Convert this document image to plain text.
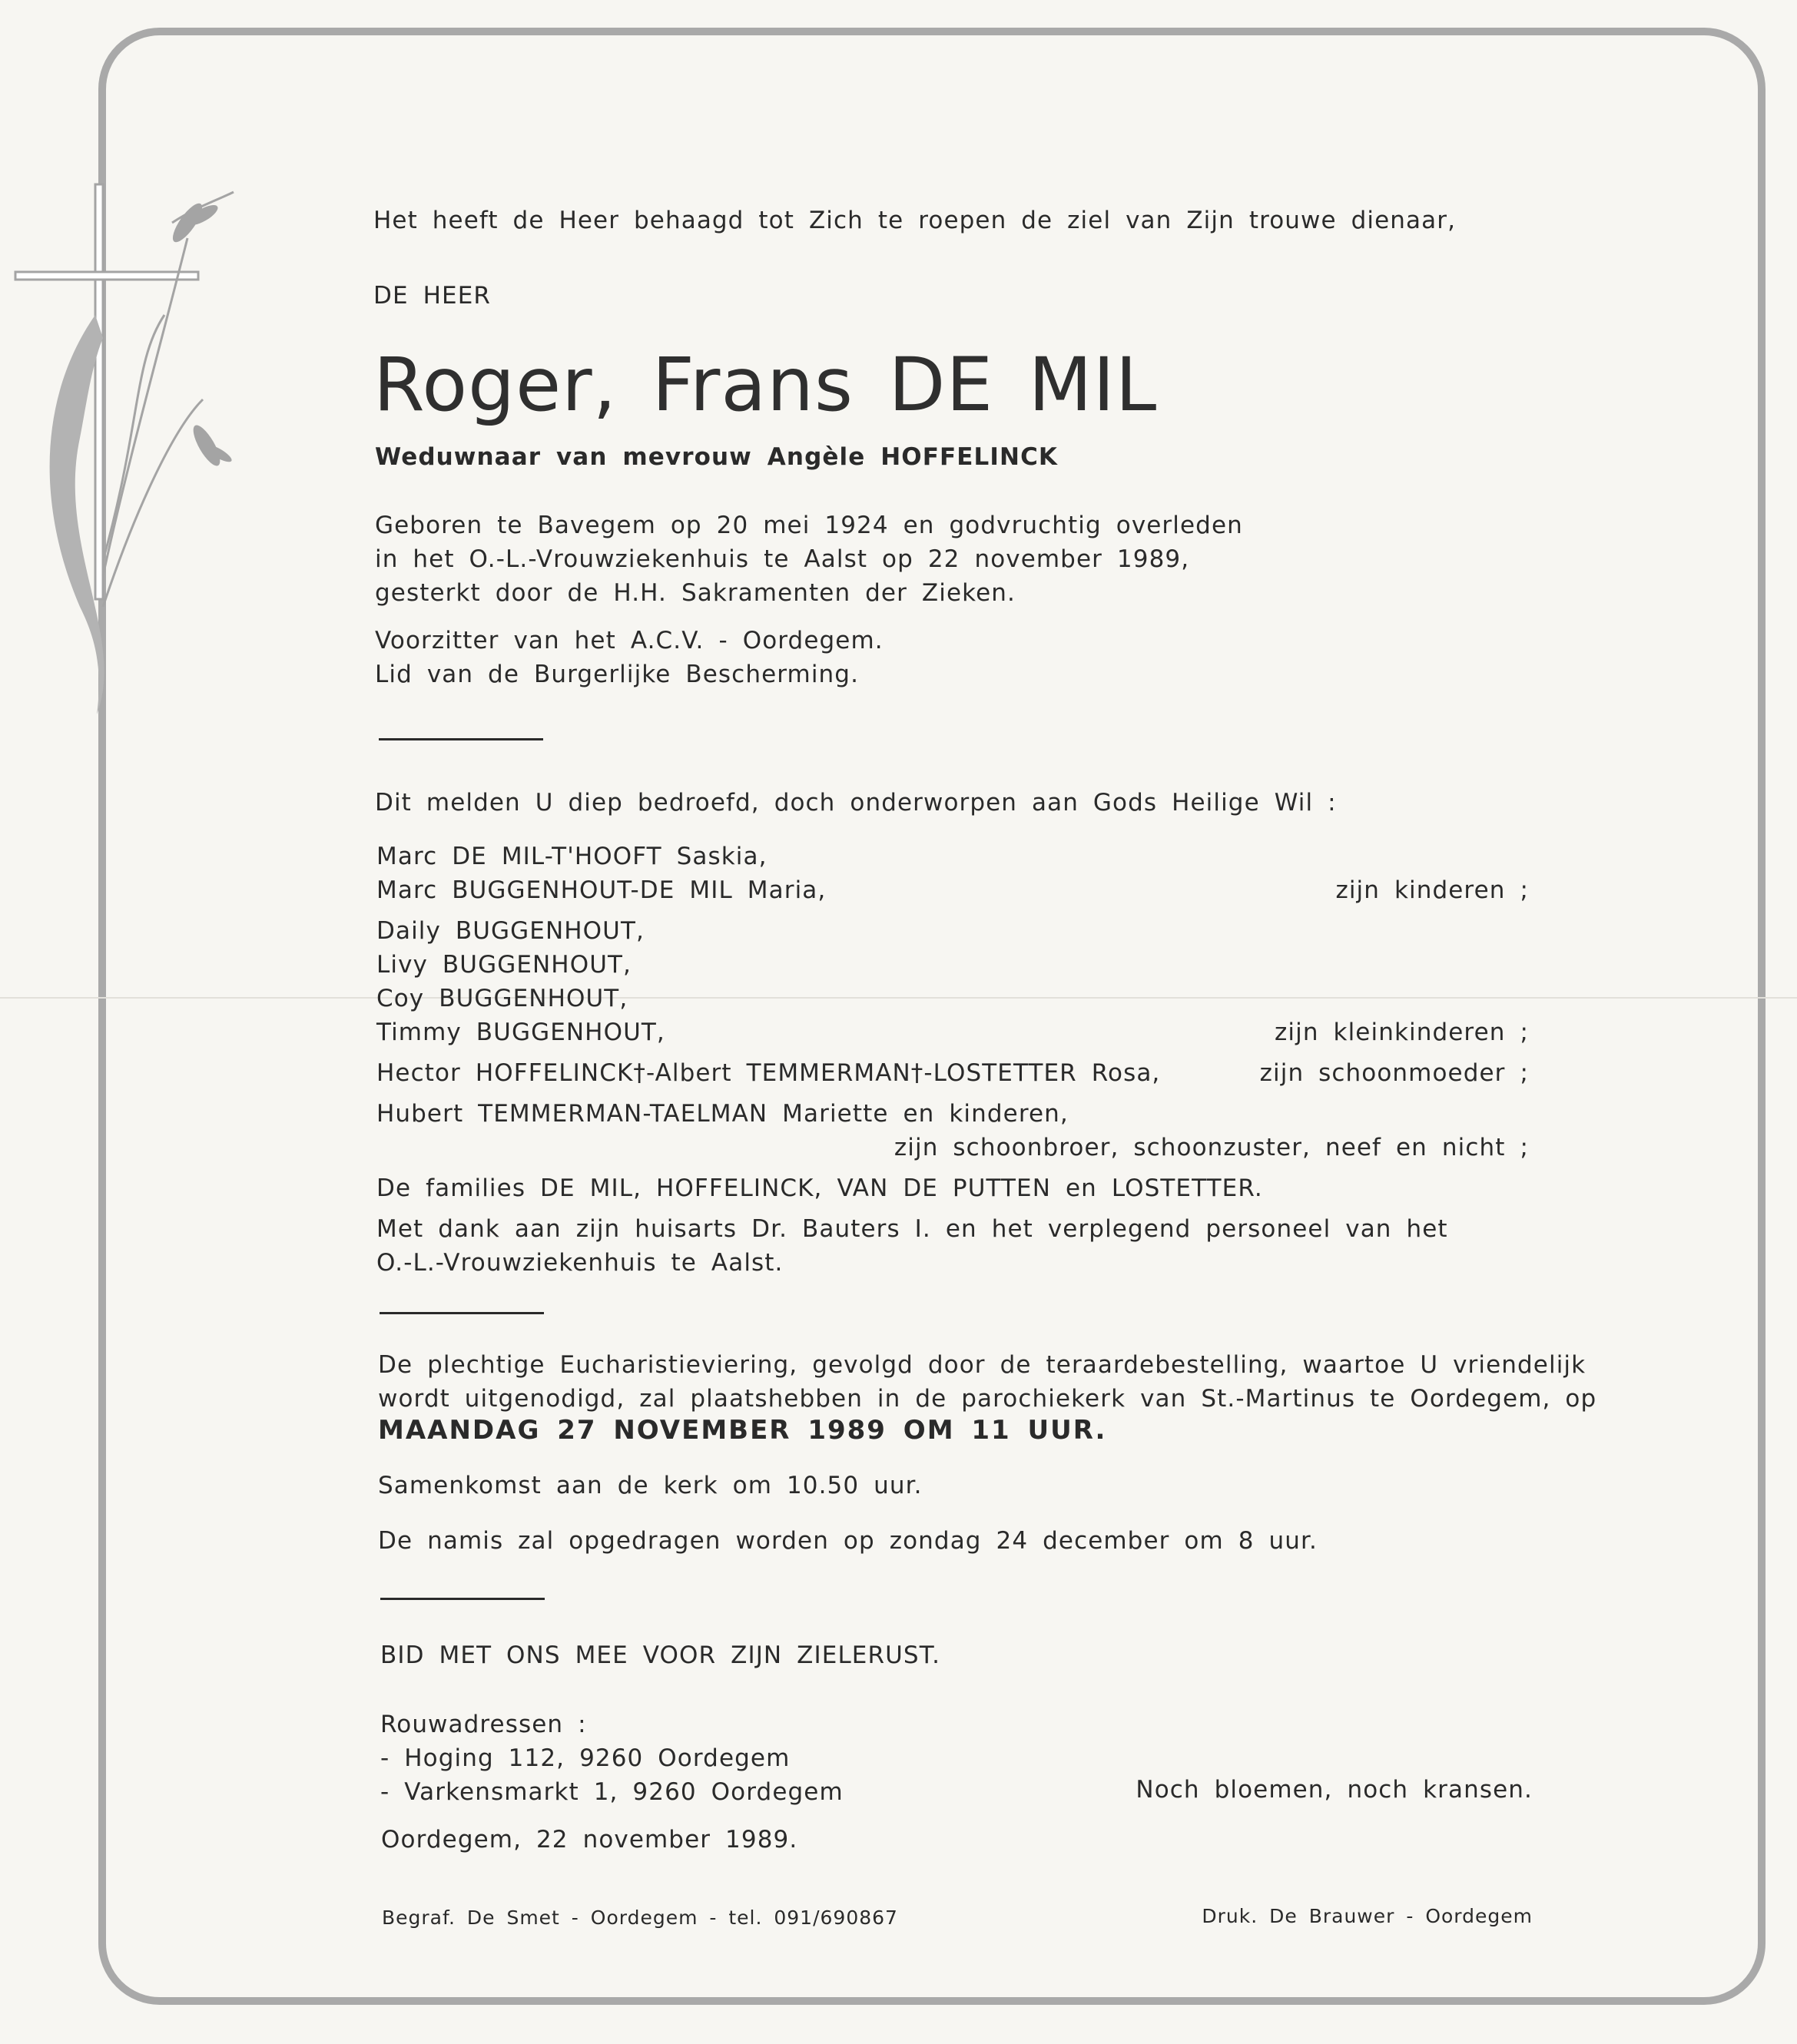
Het heeft de Heer behaagd tot Zich te roepen de ziel van Zijn trouwe dienaar,
DE HEER
Roger, Frans DE MIL
Weduwnaar van mevrouw Angèle HOFFELINCK
Geboren te Bavegem op 20 mei 1924 en godvruchtig overleden
in het O.-L.-Vrouwziekenhuis te Aalst op 22 november 1989,
gesterkt door de H.H. Sakramenten der Zieken.
Voorzitter van het A.C.V. - Oordegem.
Lid van de Burgerlijke Bescherming.
Dit melden U diep bedroefd, doch onderworpen aan Gods Heilige Wil :
Marc DE MIL-T'HOOFT Saskia,
Marc BUGGENHOUT-DE MIL Maria,	zijn kinderen ;
Daily BUGGENHOUT,
Livy BUGGENHOUT,
Coy BUGGENHOUT,
Timmy BUGGENHOUT,	zijn kleinkinderen ;
Hector HOFFELINCK†-Albert TEMMERMAN†-LOSTETTER Rosa,	zijn schoonmoeder ;
Hubert TEMMERMAN-TAELMAN Mariette en kinderen,
zijn schoonbroer, schoonzuster, neef en nicht ;
De families DE MIL, HOFFELINCK, VAN DE PUTTEN en LOSTETTER.
Met dank aan zijn huisarts Dr. Bauters I. en het verplegend personeel van het
O.-L.-Vrouwziekenhuis te Aalst.
De plechtige Eucharistieviering, gevolgd door de teraardebestelling, waartoe U vriendelijk
wordt uitgenodigd, zal plaatshebben in de parochiekerk van St.-Martinus te Oordegem, op
MAANDAG 27 NOVEMBER 1989 OM 11 UUR.
Samenkomst aan de kerk om 10.50 uur.
De namis zal opgedragen worden op zondag 24 december om 8 uur.
BID MET ONS MEE VOOR ZIJN ZIELERUST.
Rouwadressen :
- Hoging 112, 9260 Oordegem
- Varkensmarkt 1, 9260 Oordegem	Noch bloemen, noch kransen.
Oordegem, 22 november 1989.
Begraf. De Smet - Oordegem - tel. 091/690867	Druk. De Brauwer - Oordegem
